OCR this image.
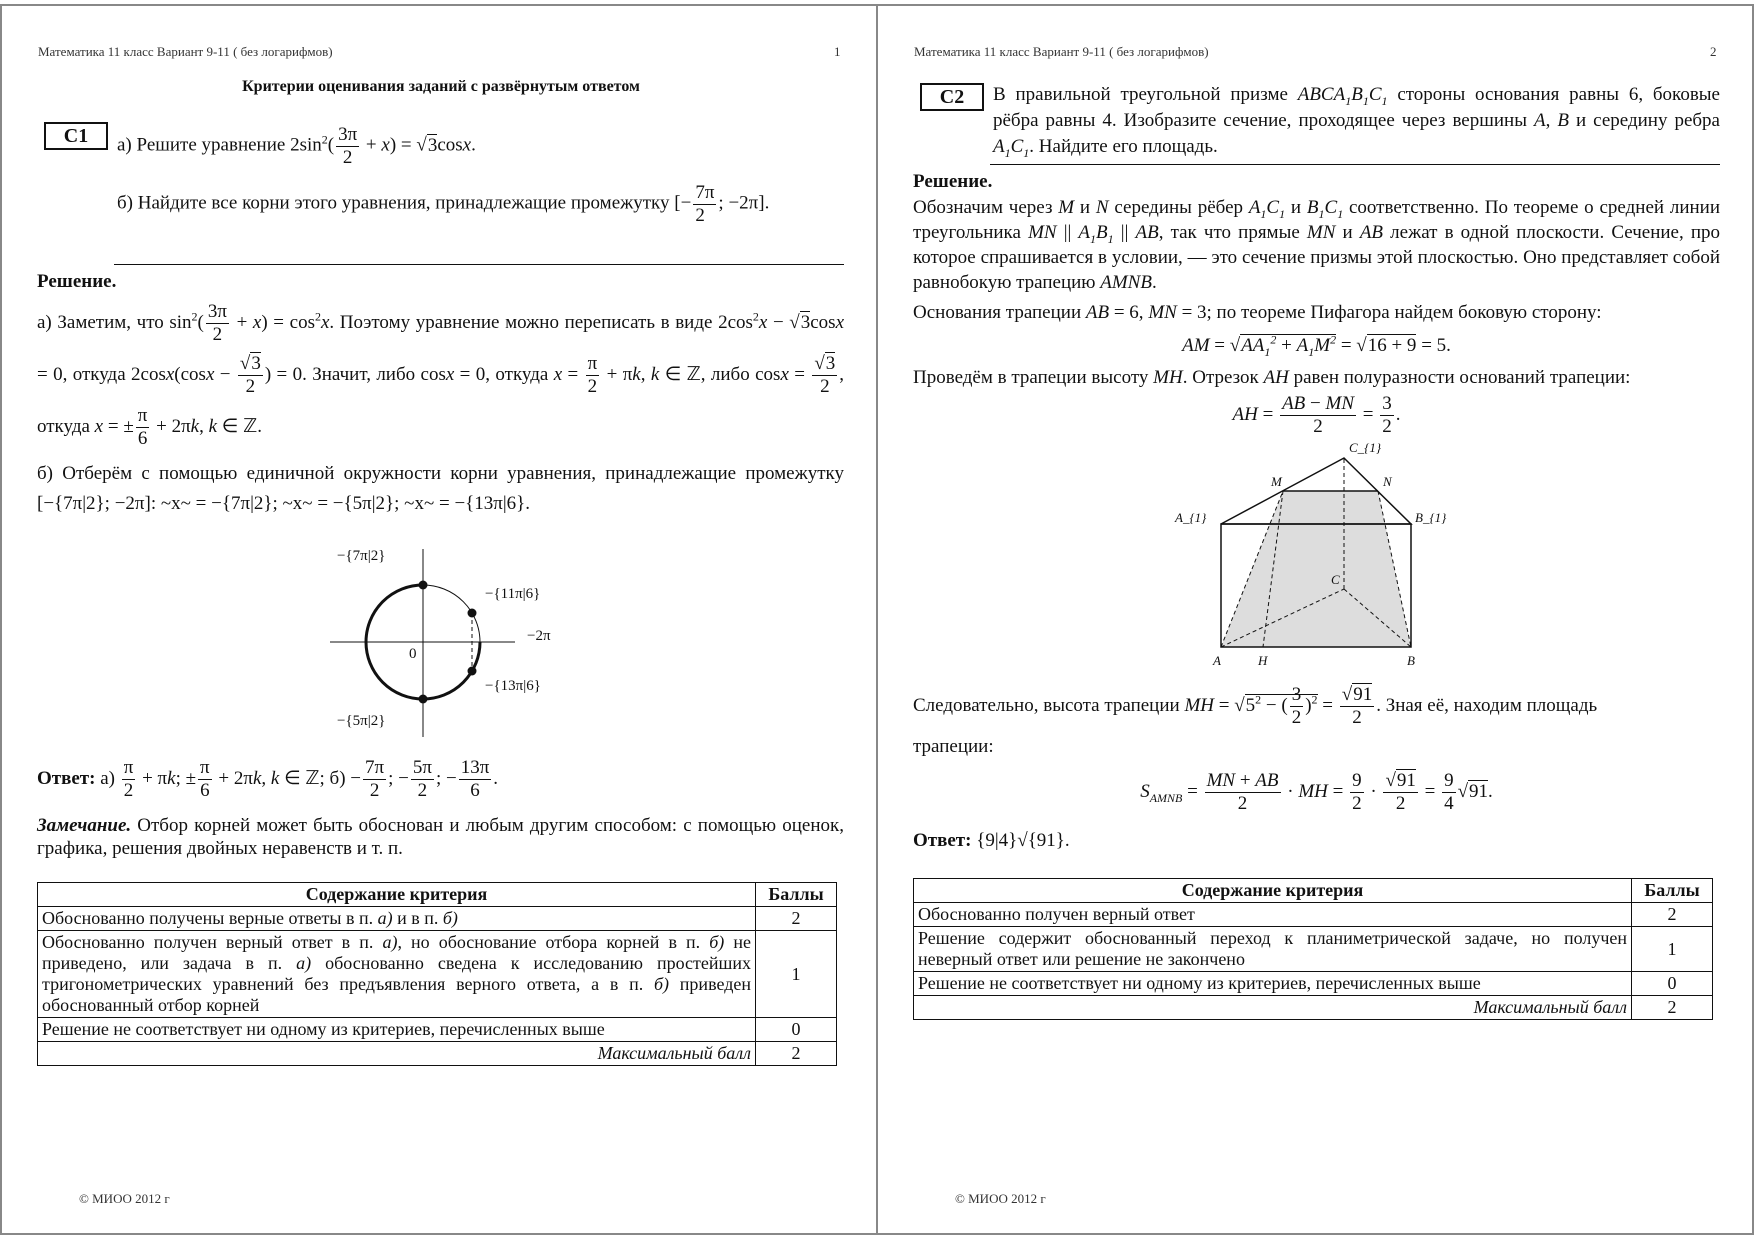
Математика 11 класс Вариант 9-11 ( без логарифмов)	1
Критерии оценивания заданий с развёрнутым ответом
С1	а) Решите уравнение $2\sin^2( \frac{3\pi}{2} + x) = √3\cos x$.
б) Найдите все корни этого уравнения, принадлежащие промежутку [− $\frac{7\pi}{2}$ ; −2π].
Решение.
а) Заметим, что $\sin^2( \frac{3\pi}{2} + x) = \cos^2x$. Поэтому уравнение можно переписать в виде $2\cos^2x - √3\cos x = 0$, откуда $2\cos x(\cos x - \frac{√3}{2}$ ) = 0. Значит, либо cosx = 0, откуда $x = \frac{\pi}{2} + \pi k$, k ∈ ℤ, либо $\cos x = \frac{√3}{2}$ , откуда x = ± $\frac{\pi}{6} + 2\pi k$, k ∈ ℤ.
б) Отберём с помощью единичной окружности корни уравнения, принадлежащие промежутку [−{7π|2}; −2π]: ~x~ = −{7π|2}; ~x~ = −{5π|2}; ~x~ = −{13π|6}.
−{7π|2}
−{11π|6}
−2π
−{13π|6}
−{5π|2}
0
Ответ: $а) \frac{\pi}{2} + \pi k$; ± $\frac{\pi}{6} + 2\pi k$, k ∈ ℤ; $б) - \frac{7\pi}{2}$ ; − $\frac{5\pi}{2}$ ; − $\frac{13\pi}{6}$ .
Замечание. Отбор корней может быть обоснован и любым другим способом: с помощью оценок, графика, решения двойных неравенств и т. п.
Содержание критерия	Баллы
Обоснованно получены верные ответы в п. а) и в п. б)	2
Обоснованно получен верный ответ в п. а), но обоснование отбора корней в п. б) не приведено, или задача в п. а) обоснованно сведена к исследованию простейших тригонометрических уравнений без предъявления верного ответа, а в п. б) приведен обоснованный отбор корней	1
Решение не соответствует ни одному из критериев, перечисленных выше	0
Максимальный балл	2
© МИОО 2012 г
Математика 11 класс Вариант 9-11 ( без логарифмов)	2
С2	В правильной треугольной призме $ABCA_1B_1C_1$ стороны основания равны 6, боковые рёбра равны 4. Изобразите сечение, проходящее через вершины A, B и середину ребра $A_1C_1$. Найдите его площадь.
Решение.
Обозначим через M и N середины рёбер $A_1C_1$ и $B_1C_1$ соответственно. По теореме о средней линии треугольника MN || $A_1B_1$ || AB, так что прямые MN и AB лежат в одной плоскости. Сечение, про которое спрашивается в условии, — это сечение призмы этой плоскостью. Оно представляет собой равнобокую трапецию AMNB.
Основания трапеции AB = 6, MN = 3; по теореме Пифагора найдем боковую сторону:
AM = $√AA_1^2 + A_1M^2 = √16 + 9 = 5$.
Проведём в трапеции высоту MH. Отрезок AH равен полуразности оснований трапеции:
AH = $\frac{AB - MN}{2} = \frac{3}{2}$ .
C_{1}
M	N
A_{1}	B_{1}
C
A	H	B
Следовательно, высота трапеции MH = $√5^2$ − ( $\frac{3}{2} )^2 = \frac{√91}{2}$ . Зная её, находим площадь
трапеции:
$S_{AMNB} = \frac{MN + AB}{2}$ · MH = $\frac{9}{2} \cdot \frac{√91}{2} = \frac{9}{4} √91$.
Ответ: {9|4}√{91}.
Содержание критерия	Баллы
Обоснованно получен верный ответ	2
Решение содержит обоснованный переход к планиметрической задаче, но получен неверный ответ или решение не закончено	1
Решение не соответствует ни одному из критериев, перечисленных выше	0
Максимальный балл	2
© МИОО 2012 г
